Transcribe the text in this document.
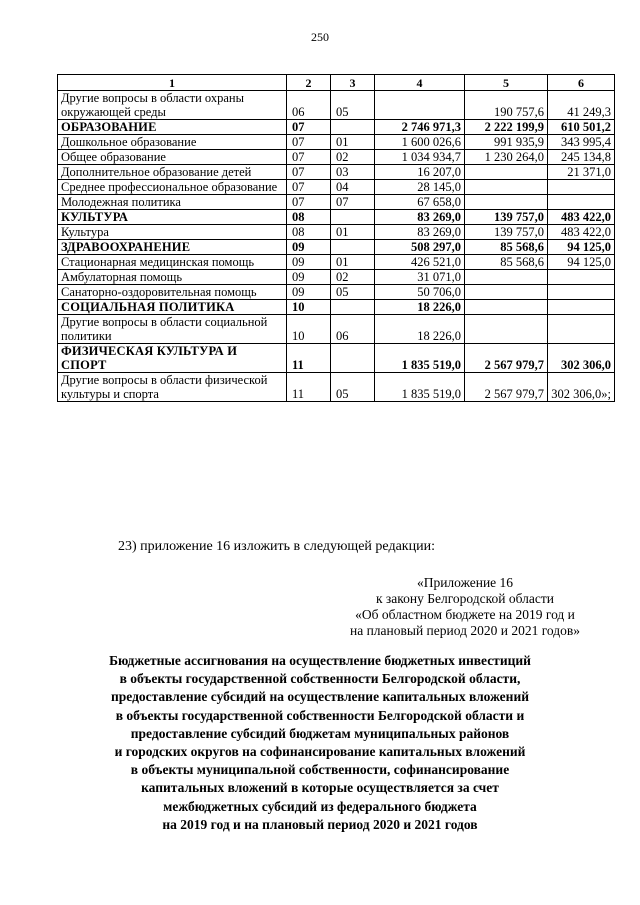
250
1	2	3	4	5	6
Другие вопросы в области охраны окружающей среды	06	05		190 757,6	41 249,3
ОБРАЗОВАНИЕ	07		2 746 971,3	2 222 199,9	610 501,2
Дошкольное образование	07	01	1 600 026,6	991 935,9	343 995,4
Общее образование	07	02	1 034 934,7	1 230 264,0	245 134,8
Дополнительное образование детей	07	03	16 207,0		21 371,0
Среднее профессиональное образование	07	04	28 145,0		
Молодежная политика	07	07	67 658,0		
КУЛЬТУРА	08		83 269,0	139 757,0	483 422,0
Культура	08	01	83 269,0	139 757,0	483 422,0
ЗДРАВООХРАНЕНИЕ	09		508 297,0	85 568,6	94 125,0
Стационарная медицинская помощь	09	01	426 521,0	85 568,6	94 125,0
Амбулаторная помощь	09	02	31 071,0		
Санаторно-оздоровительная помощь	09	05	50 706,0		
СОЦИАЛЬНАЯ ПОЛИТИКА	10		18 226,0		
Другие вопросы в области социальной политики	10	06	18 226,0		
ФИЗИЧЕСКАЯ КУЛЬТУРА И СПОРТ	11		1 835 519,0	2 567 979,7	302 306,0
Другие вопросы в области физической культуры и спорта	11	05	1 835 519,0	2 567 979,7	302 306,0»;
23) приложение 16 изложить в следующей редакции:
«Приложение 16
к закону Белгородской области
«Об областном бюджете на 2019 год и
на плановый период 2020 и 2021 годов»
Бюджетные ассигнования на осуществление бюджетных инвестиций
в объекты государственной собственности Белгородской области,
предоставление субсидий на осуществление капитальных вложений
в объекты государственной собственности Белгородской области и
предоставление субсидий бюджетам муниципальных районов
и городских округов на софинансирование капитальных вложений
в объекты муниципальной собственности, софинансирование
капитальных вложений в которые осуществляется за счет
межбюджетных субсидий из федерального бюджета
на 2019 год и на плановый период 2020 и 2021 годов
